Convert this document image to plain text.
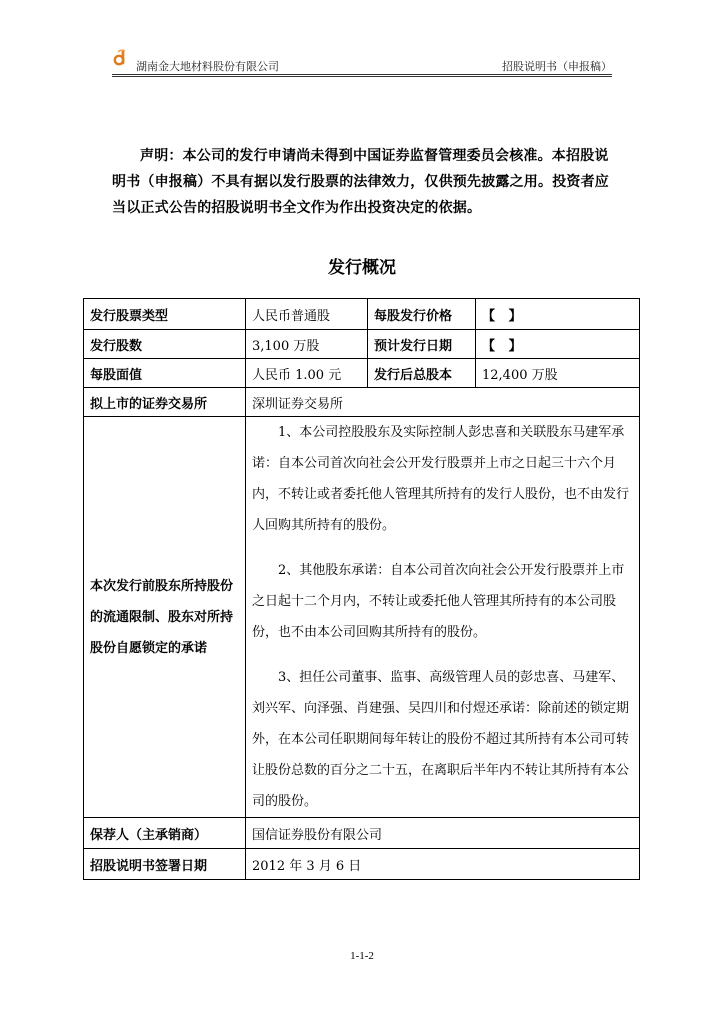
湖南金大地材料股份有限公司	招股说明书（申报稿）
声明：本公司的发行申请尚未得到中国证券监督管理委员会核准。本招股说明书（申报稿）不具有据以发行股票的法律效力，仅供预先披露之用。投资者应当以正式公告的招股说明书全文作为作出投资决定的依据。
发行概况
发行股票类型	人民币普通股	每股发行价格	【   】
发行股数	3,100 万股	预计发行日期	【   】
每股面值	人民币 1.00 元	发行后总股本	12,400 万股
拟上市的证券交易所	深圳证券交易所		
本次发行前股东所持股份的流通限制、股东对所持股份自愿锁定的承诺	1、本公司控股股东及实际控制人彭忠喜和关联股东马建军承诺：自本公司首次向社会公开发行股票并上市之日起三十六个月内，不转让或者委托他人管理其所持有的发行人股份，也不由发行人回购其所持有的股份。

2、其他股东承诺：自本公司首次向社会公开发行股票并上市之日起十二个月内，不转让或委托他人管理其所持有的本公司股份，也不由本公司回购其所持有的股份。

3、担任公司董事、监事、高级管理人员的彭忠喜、马建军、刘兴军、向泽强、肖建强、吴四川和付煜还承诺：除前述的锁定期外，在本公司任职期间每年转让的股份不超过其所持有本公司可转让股份总数的百分之二十五，在离职后半年内不转让其所持有本公司的股份。		

保荐人（主承销商）	国信证券股份有限公司		
招股说明书签署日期	2012 年 3 月 6 日		
1-1-2
